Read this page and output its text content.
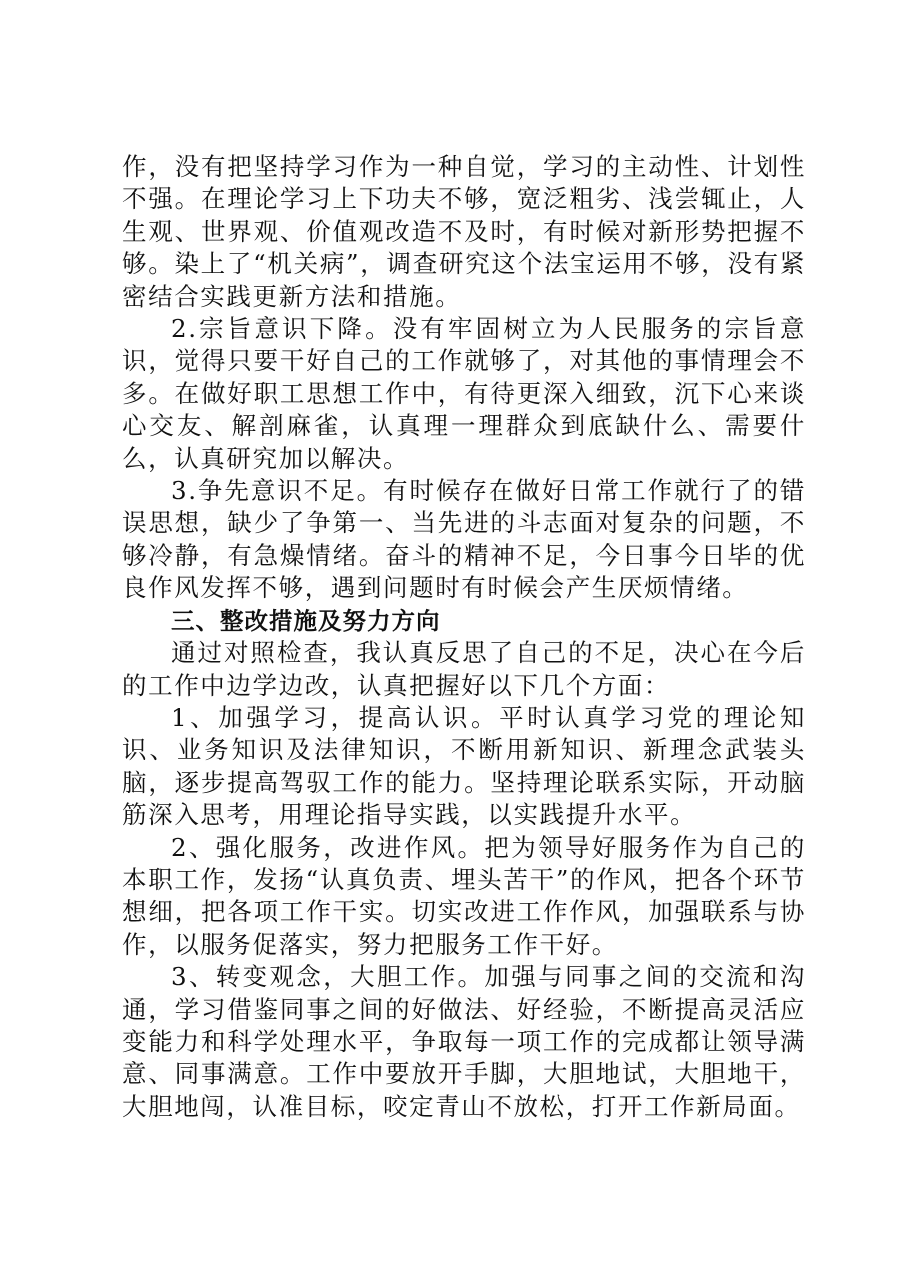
作，没有把坚持学习作为一种自觉，学习的主动性、计划性不强。在理论学习上下功夫不够，宽泛粗劣、浅尝辄止，人生观、世界观、价值观改造不及时，有时候对新形势把握不够。染上了“机关病”，调查研究这个法宝运用不够，没有紧密结合实践更新方法和措施。

2.宗旨意识下降。没有牢固树立为人民服务的宗旨意识，觉得只要干好自己的工作就够了，对其他的事情理会不多。在做好职工思想工作中，有待更深入细致，沉下心来谈心交友、解剖麻雀，认真理一理群众到底缺什么、需要什么，认真研究加以解决。

3.争先意识不足。有时候存在做好日常工作就行了的错误思想，缺少了争第一、当先进的斗志面对复杂的问题，不够冷静，有急燥情绪。奋斗的精神不足，今日事今日毕的优良作风发挥不够，遇到问题时有时候会产生厌烦情绪。

三、整改措施及努力方向

通过对照检查，我认真反思了自己的不足，决心在今后的工作中边学边改，认真把握好以下几个方面：

1、加强学习，提高认识。平时认真学习党的理论知识、业务知识及法律知识，不断用新知识、新理念武装头脑，逐步提高驾驭工作的能力。坚持理论联系实际，开动脑筋深入思考，用理论指导实践，以实践提升水平。

2、强化服务，改进作风。把为领导好服务作为自己的本职工作，发扬“认真负责、埋头苦干”的作风，把各个环节想细，把各项工作干实。切实改进工作作风，加强联系与协作，以服务促落实，努力把服务工作干好。

3、转变观念，大胆工作。加强与同事之间的交流和沟通，学习借鉴同事之间的好做法、好经验，不断提高灵活应变能力和科学处理水平，争取每一项工作的完成都让领导满意、同事满意。工作中要放开手脚，大胆地试，大胆地干，大胆地闯，认准目标，咬定青山不放松，打开工作新局面。
